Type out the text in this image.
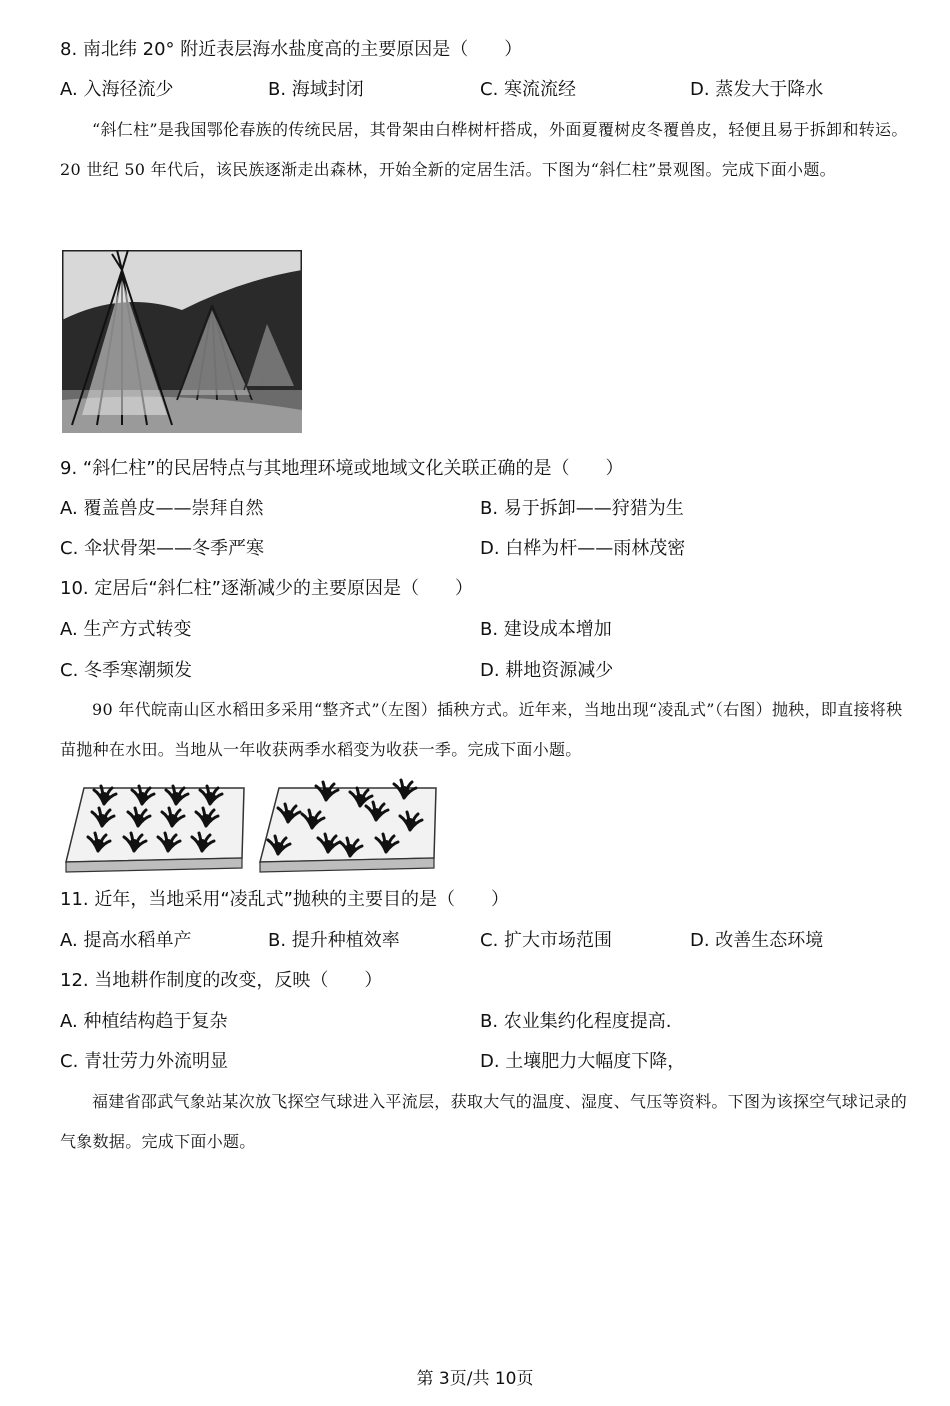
8. 南北纬 20° 附近表层海水盐度高的主要原因是（　　）
A. 入海径流少	B. 海域封闭	C. 寒流流经	D. 蒸发大于降水
“斜仁柱”是我国鄂伦春族的传统民居，其骨架由白桦树杆搭成，外面夏覆树皮冬覆兽皮，轻便且易于拆卸和转运。20 世纪 50 年代后，该民族逐渐走出森林，开始全新的定居生活。下图为“斜仁柱”景观图。完成下面小题。
9. “斜仁柱”的民居特点与其地理环境或地域文化关联正确的是（　　）
A. 覆盖兽皮——崇拜自然	B. 易于拆卸——狩猎为生
C. 伞状骨架——冬季严寒	D. 白桦为杆——雨林茂密
10. 定居后“斜仁柱”逐渐减少的主要原因是（　　）
A. 生产方式转变	B. 建设成本增加
C. 冬季寒潮频发	D. 耕地资源减少
90 年代皖南山区水稻田多采用“整齐式”（左图）插秧方式。近年来，当地出现“凌乱式”（右图）抛秧，即直接将秧苗抛种在水田。当地从一年收获两季水稻变为收获一季。完成下面小题。
11. 近年，当地采用“凌乱式”抛秧的主要目的是（　　）
A. 提高水稻单产	B. 提升种植效率	C. 扩大市场范围	D. 改善生态环境
12. 当地耕作制度的改变，反映（　　）
A. 种植结构趋于复杂	B. 农业集约化程度提高.
C. 青壮劳力外流明显	D. 土壤肥力大幅度下降，
福建省邵武气象站某次放飞探空气球进入平流层，获取大气的温度、湿度、气压等资料。下图为该探空气球记录的气象数据。完成下面小题。
第 3页/共 10页
